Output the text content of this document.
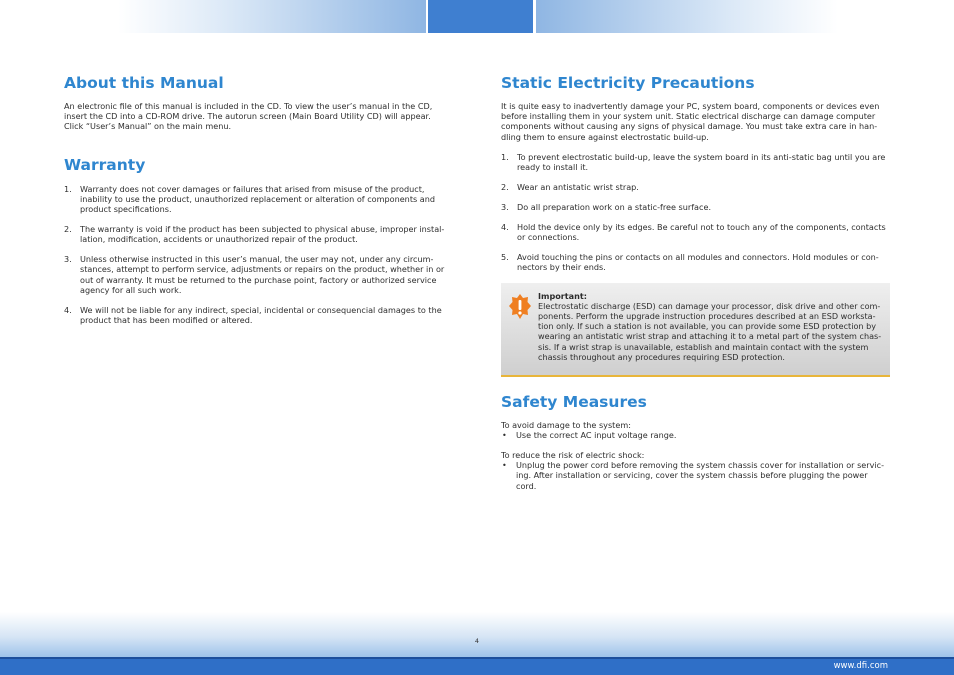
About this Manual

An electronic file of this manual is included in the CD. To view the user’s manual in the CD,
insert the CD into a CD-ROM drive. The autorun screen (Main Board Utility CD) will appear.
Click “User’s Manual” on the main menu.

Warranty
1. Warranty does not cover damages or failures that arised from misuse of the product,
inability to use the product, unauthorized replacement or alteration of components and
product specifications.
2. The warranty is void if the product has been subjected to physical abuse, improper instal-
lation, modification, accidents or unauthorized repair of the product.
3. Unless otherwise instructed in this user’s manual, the user may not, under any circum-
stances, attempt to perform service, adjustments or repairs on the product, whether in or
out of warranty. It must be returned to the purchase point, factory or authorized service
agency for all such work.
4. We will not be liable for any indirect, special, incidental or consequencial damages to the
product that has been modified or altered.
Static Electricity Precautions

It is quite easy to inadvertently damage your PC, system board, components or devices even
before installing them in your system unit. Static electrical discharge can damage computer
components without causing any signs of physical damage. You must take extra care in han-
dling them to ensure against electrostatic build-up.

1. To prevent electrostatic build-up, leave the system board in its anti-static bag until you are
ready to install it.
2. Wear an antistatic wrist strap.
3. Do all preparation work on a static-free surface.
4. Hold the device only by its edges. Be careful not to touch any of the components, contacts
or connections.
5. Avoid touching the pins or contacts on all modules and connectors. Hold modules or con-
nectors by their ends.
Important:

Electrostatic discharge (ESD) can damage your processor, disk drive and other com-
ponents. Perform the upgrade instruction procedures described at an ESD worksta-
tion only. If such a station is not available, you can provide some ESD protection by
wearing an antistatic wrist strap and attaching it to a metal part of the system chas-
sis. If a wrist strap is unavailable, establish and maintain contact with the system
chassis throughout any procedures requiring ESD protection.

Safety Measures

To avoid damage to the system:

• Use the correct AC input voltage range.

To reduce the risk of electric shock:

• Unplug the power cord before removing the system chassis cover for installation or servic-
ing. After installation or servicing, cover the system chassis before plugging the power
cord.
4
www.dfi.com
